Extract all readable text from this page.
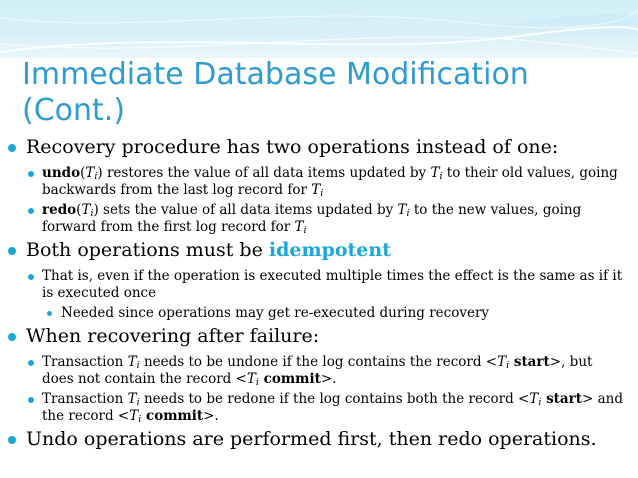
Immediate Database Modification (Cont.)
Recovery procedure has two operations instead of one:
$undo(T_i)$ restores the value of all data items updated by $T_i$ to their old values, going backwards from the last log record for $T_i$
$redo(T_i)$ sets the value of all data items updated by $T_i$ to the new values, going forward from the first log record for $T_i$
Both operations must be idempotent
That is, even if the operation is executed multiple times the effect is the same as if it is executed once
Needed since operations may get re-executed during recovery
When recovering after failure:
Transaction $T_i$ needs to be undone if the log contains the record $<T_i$ start>, but does not contain the record $<T_i$ commit>.
Transaction $T_i$ needs to be redone if the log contains both the record $<T_i$ start> and the record $<T_i$ commit>.
Undo operations are performed first, then redo operations.
